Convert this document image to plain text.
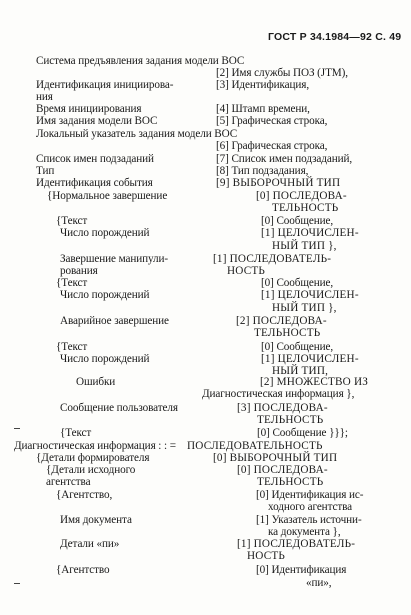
ГОСТ Р 34.1984—92 С. 49
Система предъявления задания модели ВОС
Идентификация инициирова-
ния
Время инициирования
Имя задания модели ВОС
Локальный указатель задания модели ВОС
Список имен подзаданий
Тип
Идентификация события
{Нормальное завершение
{Текст
Число порождений
Завершение манипули-
рования
{Текст
Число порождений
Аварийное завершение
{Текст
Число порождений
Ошибки
Сообщение пользователя
{Текст
Диагностическая информация : : =
{Детали формирователя
{Детали исходного
агентства
{Агентство,
Имя документа
Детали «пи»
{Агентство
[2] Имя службы ПОЗ (JTM),
[3] Идентификация,
[4] Штамп времени,
[5] Графическая строка,
[6] Графическая строка,
[7] Список имен подзаданий,
[8] Тип подзадания,
[9] ВЫБОРОЧНЫЙ ТИП
[0] ПОСЛЕДОВА-
ТЕЛЬНОСТЬ
[0] Сообщение,
[1] ЦЕЛОЧИСЛЕН-
НЫЙ ТИП },
[1] ПОСЛЕДОВАТЕЛЬ-
НОСТЬ
[0] Сообщение,
[1] ЦЕЛОЧИСЛЕН-
НЫЙ ТИП },
[2] ПОСЛЕДОВА-
ТЕЛЬНОСТЬ
[0] Сообщение,
[1] ЦЕЛОЧИСЛЕН-
НЫЙ ТИП,
[2] МНОЖЕСТВО ИЗ
Диагностическая информация },
[3] ПОСЛЕДОВА-
ТЕЛЬНОСТЬ
[0] Сообщение }}};
ПОСЛЕДОВАТЕЛЬНОСТЬ
[0] ВЫБОРОЧНЫЙ ТИП
[0] ПОСЛЕДОВА-
ТЕЛЬНОСТЬ
[0] Идентификация ис-
ходного агентства
[1] Указатель источни-
ка документа },
[1] ПОСЛЕДОВАТЕЛЬ-
НОСТЬ
[0] Идентификация
«пи»,
